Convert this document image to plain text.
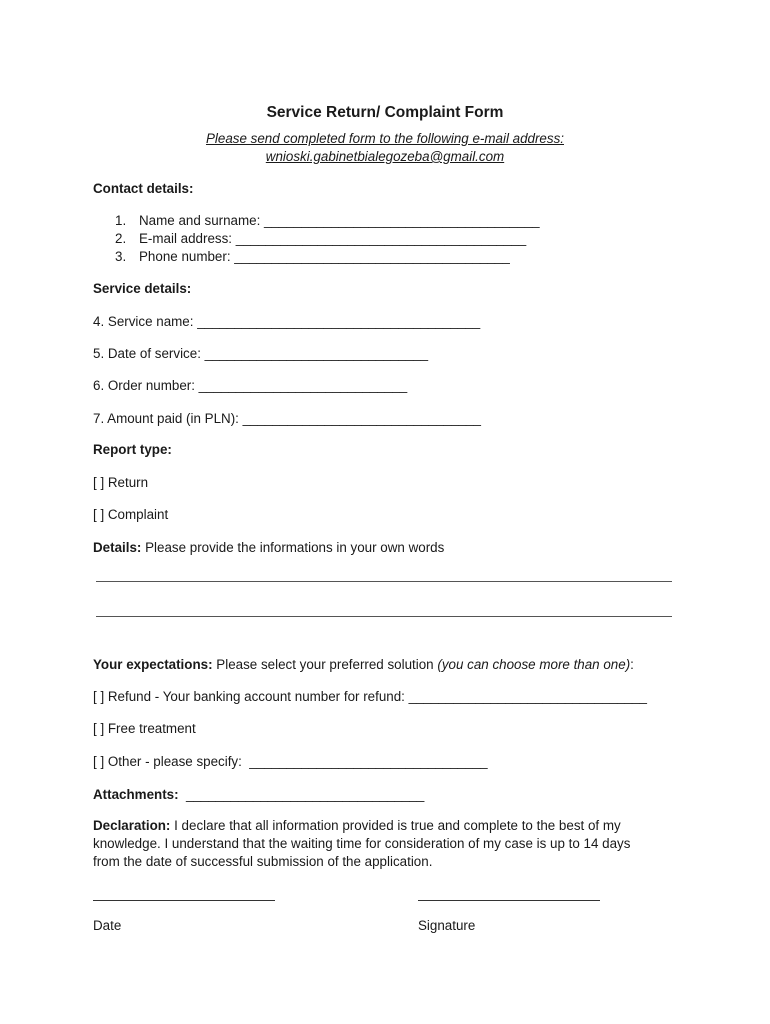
Service Return/ Complaint Form
Please send completed form to the following e-mail address:
wnioski.gabinetbialegozeba@gmail.com
Contact details:
1. Name and surname: _____________________________________
2. E-mail address: _______________________________________
3. Phone number: _____________________________________
Service details:
4. Service name: ______________________________________
5. Date of service: ______________________________
6. Order number: ____________________________
7. Amount paid (in PLN): ________________________________
Report type:
[ ] Return
[ ] Complaint
Details: Please provide the informations in your own words
Your expectations: Please select your preferred solution (you can choose more than one):
[ ] Refund - Your banking account number for refund: ________________________________
[ ] Free treatment
[ ] Other - please specify:  ________________________________
Attachments:  ________________________________
Declaration: I declare that all information provided is true and complete to the best of my
knowledge. I understand that the waiting time for consideration of my case is up to 14 days
from the date of successful submission of the application.
Date	Signature
